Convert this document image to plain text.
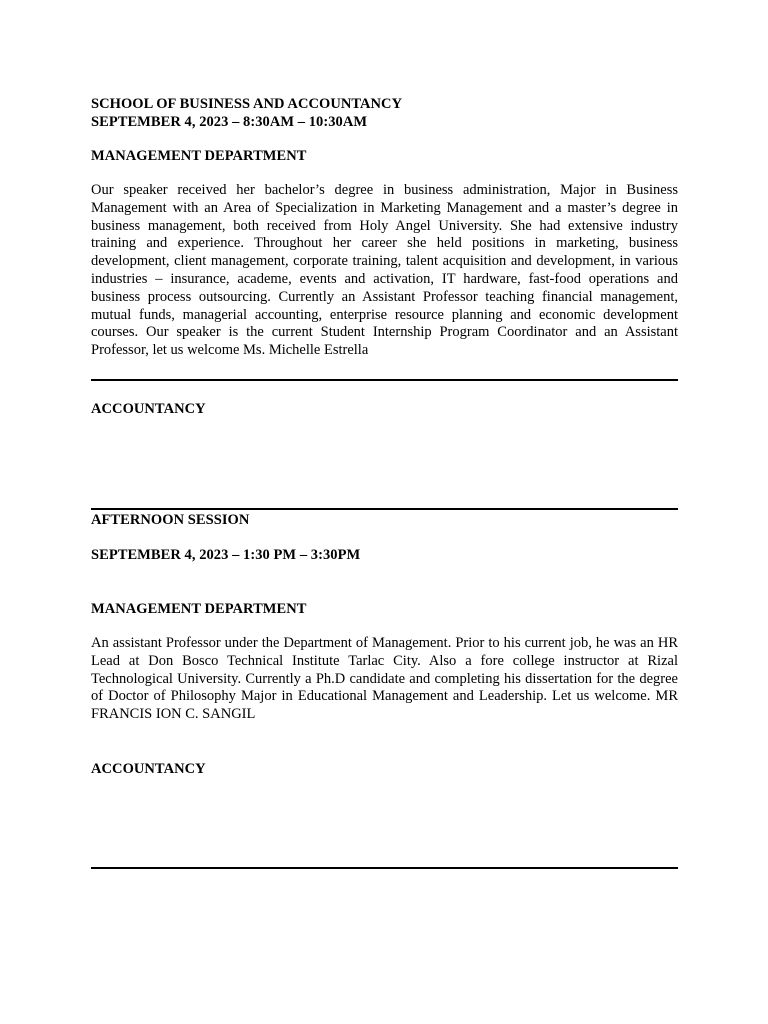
SCHOOL OF BUSINESS AND ACCOUNTANCY

SEPTEMBER 4, 2023 – 8:30AM – 10:30AM

MANAGEMENT DEPARTMENT

Our speaker received her bachelor’s degree in business administration, Major in Business Management with an Area of Specialization in Marketing Management and a master’s degree in business management, both received from Holy Angel University. She had extensive industry training and experience. Throughout her career she held positions in marketing, business development, client management, corporate training, talent acquisition and development, in various industries – insurance, academe, events and activation, IT hardware, fast-food operations and business process outsourcing. Currently an Assistant Professor teaching financial management, mutual funds, managerial accounting, enterprise resource planning and economic development courses. Our speaker is the current Student Internship Program Coordinator and an Assistant Professor, let us welcome Ms. Michelle Estrella

ACCOUNTANCY

AFTERNOON SESSION

SEPTEMBER 4, 2023 – 1:30 PM – 3:30PM

MANAGEMENT DEPARTMENT

An assistant Professor under the Department of Management. Prior to his current job, he was an HR Lead at Don Bosco Technical Institute Tarlac City. Also a fore college instructor at Rizal Technological University. Currently a Ph.D candidate and completing his dissertation for the degree of Doctor of Philosophy Major in Educational Management and Leadership. Let us welcome. MR FRANCIS ION C. SANGIL

ACCOUNTANCY
